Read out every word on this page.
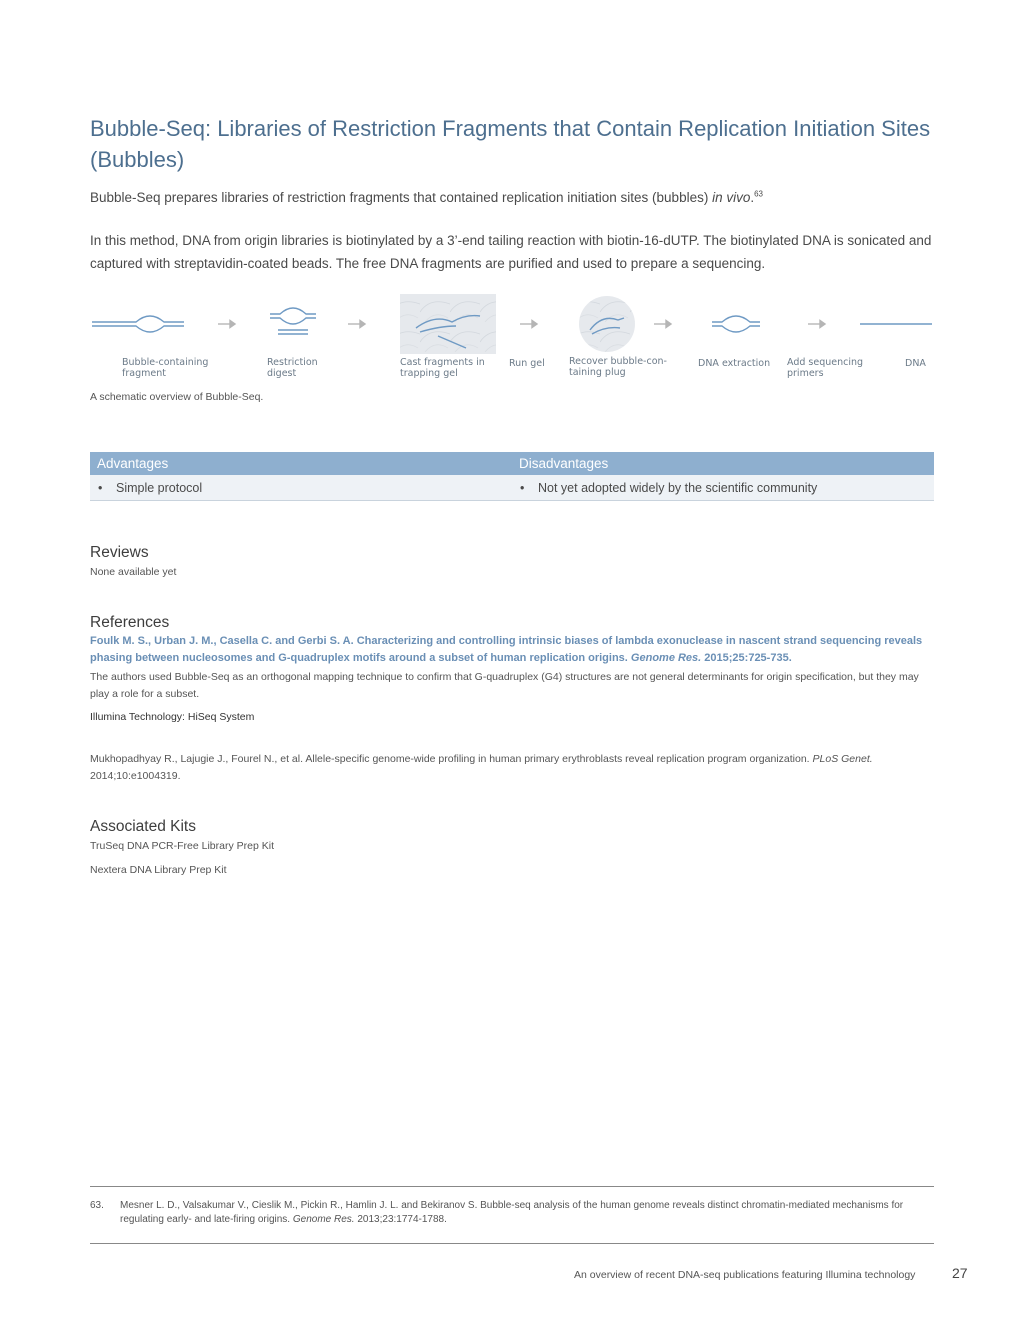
Bubble-Seq: Libraries of Restriction Fragments that Contain Replication Initiation Sites (Bubbles)

Bubble-Seq prepares libraries of restriction fragments that contained replication initiation sites (bubbles) in vivo.$^{63}$

In this method, DNA from origin libraries is biotinylated by a 3’-end tailing reaction with biotin-16-dUTP. The biotinylated DNA is sonicated and captured with streptavidin-coated beads. The free DNA fragments are purified and used to prepare a sequencing.

Bubble-containing
fragment
Restriction
digest
Cast fragments in
trapping gel
Run gel	Recover bubble-con-
taining plug
DNA extraction Add sequencing
primers
DNA
A schematic overview of Bubble-Seq.
Advantages	Disadvantages
• Simple protocol	• Not yet adopted widely by the scientific community
Reviews
None available yet
References
Foulk M. S., Urban J. M., Casella C. and Gerbi S. A. Characterizing and controlling intrinsic biases of lambda exonuclease in nascent strand sequencing reveals phasing between nucleosomes and G-quadruplex motifs around a subset of human replication origins. Genome Res. 2015;25:725-735.
The authors used Bubble-Seq as an orthogonal mapping technique to confirm that G-quadruplex (G4) structures are not general determinants for origin specification, but they may play a role for a subset.
Illumina Technology: HiSeq System
Mukhopadhyay R., Lajugie J., Fourel N., et al. Allele-specific genome-wide profiling in human primary erythroblasts reveal replication program organization. PLoS Genet. 2014;10:e1004319.
Associated Kits
TruSeq DNA PCR-Free Library Prep Kit
Nextera DNA Library Prep Kit
63. Mesner L. D., Valsakumar V., Cieslik M., Pickin R., Hamlin J. L. and Bekiranov S. Bubble-seq analysis of the human genome reveals distinct chromatin-mediated mechanisms for regulating early- and late-firing origins. Genome Res. 2013;23:1774-1788.
An overview of recent DNA-seq publications featuring Illumina technology	27
